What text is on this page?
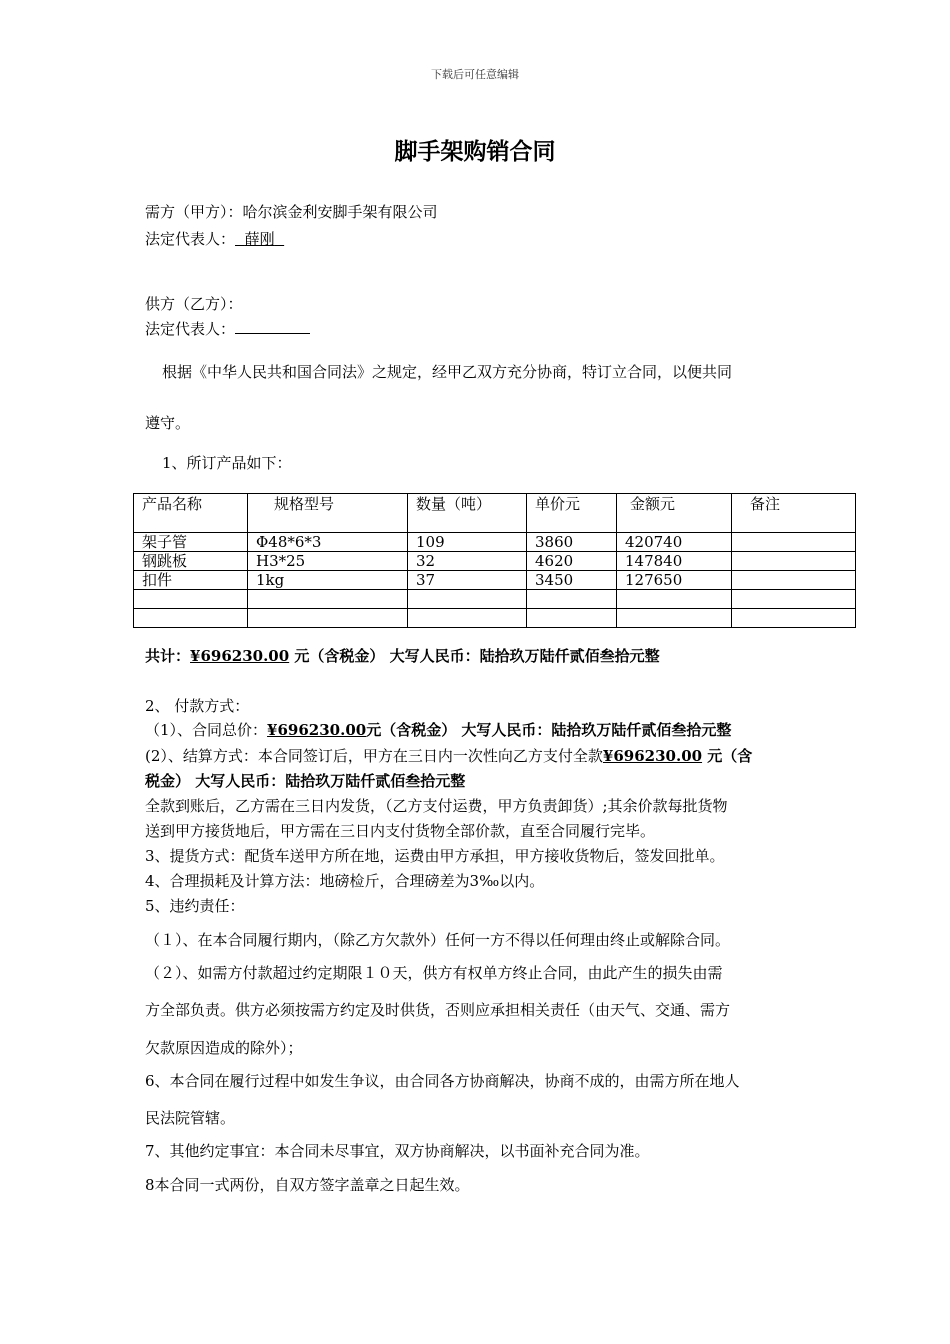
下载后可任意编辑
脚手架购销合同
需方（甲方）：哈尔滨金利安脚手架有限公司
法定代表人： 薛刚
供方（乙方）：
法定代表人：
根据《中华人民共和国合同法》之规定，经甲乙双方充分协商，特订立合同，以便共同
遵守。
1、所订产品如下：
产品名称	规格型号	数量（吨）	单价元	金额元	备注
架子管	Φ48*6*3	109	3860	420740	
钢跳板	H3*25	32	4620	147840	
扣件	1kg	37	3450	127650	

共计：¥696230.00 元（含税金） 大写人民币：陆拾玖万陆仟贰佰叁拾元整
2、 付款方式：
（1）、合同总价：¥696230.00元（含税金） 大写人民币：陆拾玖万陆仟贰佰叁拾元整
(2）、结算方式：本合同签订后，甲方在三日内一次性向乙方支付全款¥696230.00 元（含
税金） 大写人民币：陆拾玖万陆仟贰佰叁拾元整
全款到账后，乙方需在三日内发货，（乙方支付运费，甲方负责卸货）;其余价款每批货物
送到甲方接货地后，甲方需在三日内支付货物全部价款，直至合同履行完毕。
3、提货方式：配货车送甲方所在地，运费由甲方承担，甲方接收货物后，签发回批单。
4、合理损耗及计算方法：地磅检斤，合理磅差为3‰以内。
5、违约责任：
（１）、在本合同履行期内，（除乙方欠款外）任何一方不得以任何理由终止或解除合同。
（２）、如需方付款超过约定期限１０天，供方有权单方终止合同，由此产生的损失由需
方全部负责。供方必须按需方约定及时供货，否则应承担相关责任（由天气、交通、需方
欠款原因造成的除外）；
6、本合同在履行过程中如发生争议，由合同各方协商解决，协商不成的，由需方所在地人
民法院管辖。
7、其他约定事宜：本合同未尽事宜，双方协商解决，以书面补充合同为准。
8本合同一式两份，自双方签字盖章之日起生效。
